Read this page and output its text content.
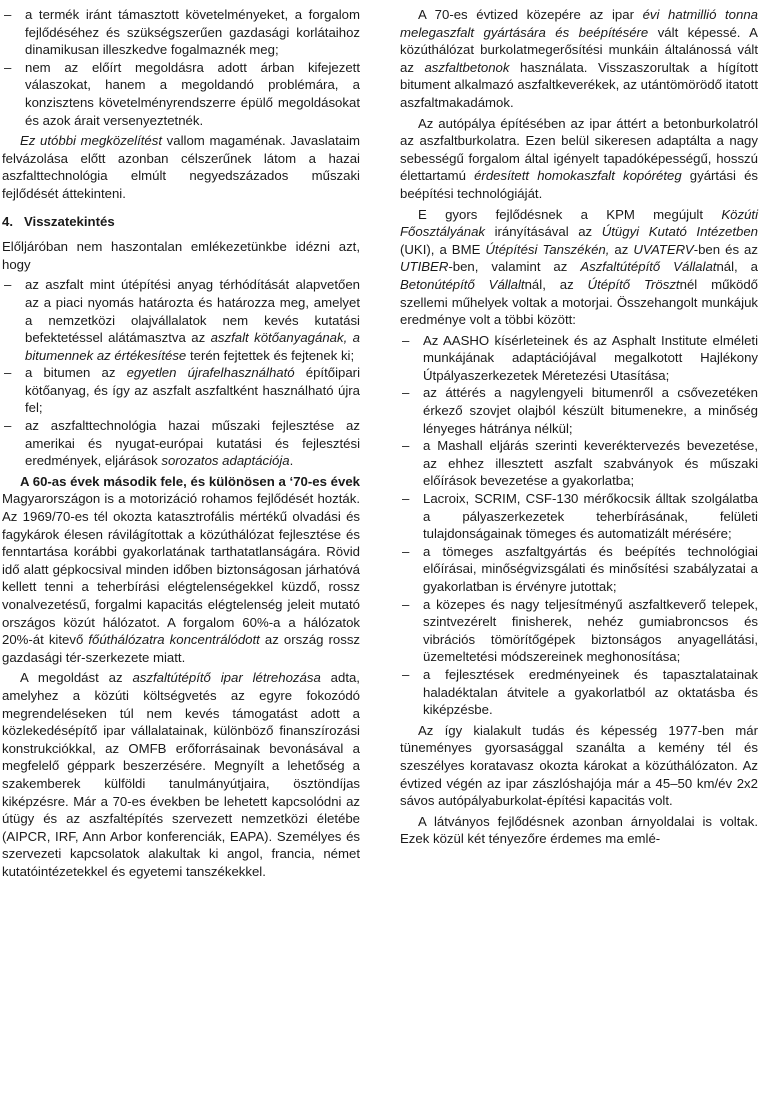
– a termék iránt támasztott követelményeket, a forgalom fejlődéséhez és szükségszerűen gazdasági korlátaihoz dinamikusan illeszkedve fogalmaznék meg;
– nem az előírt megoldásra adott árban kifejezett válaszokat, hanem a megoldandó problémára, a konzisztens követelményrendszerre épülő megoldásokat és azok árait versenyeztetnék.

Ez utóbbi megközelítést vallom magaménak. Javaslataim felvázolása előtt azonban célszerűnek látom a hazai aszfalttechnológia elmúlt negyedszázados műszaki fejlődését áttekinteni.

4. Visszatekintés

Előljáróban nem haszontalan emlékezetünkbe idézni azt, hogy

– az aszfalt mint útépítési anyag térhódítását alapvetően az a piaci nyomás határozta és határozza meg, amelyet a nemzetközi olajvállalatok nem kevés kutatási befektetéssel alátámasztva az aszfalt kötőanyagának, a bitumennek az értékesítése terén fejtettek és fejtenek ki;
– a bitumen az egyetlen újrafelhasználható építőipari kötőanyag, és így az aszfalt aszfaltként használható újra fel;
– az aszfalttechnológia hazai műszaki fejlesztése az amerikai és nyugat-európai kutatási és fejlesztési eredmények, eljárások sorozatos adaptációja.

A 60-as évek második fele, és különösen a ‘70-es évek Magyarországon is a motorizáció rohamos fejlődését hozták. Az 1969/70-es tél okozta katasztrofális mértékű olvadási és fagykárok élesen rávilágítottak a közúthálózat fejlesztése és fenntartása korábbi gyakorlatának tarthatatlanságára. Rövid idő alatt gépkocsival minden időben biztonságosan járhatóvá kellett tenni a teherbírási elégtelenségekkel küzdő, rossz vonalvezetésű, forgalmi kapacitás elégtelenség jeleit mutató országos közút hálózatot. A forgalom 60%-a a hálózatok 20%-át kitevő főúthálózatra koncentrálódott az ország rossz gazdasági tér-szerkezete miatt.

A megoldást az aszfaltútépítő ipar létrehozása adta, amelyhez a közúti költségvetés az egyre fokozódó megrendeléseken túl nem kevés támogatást adott a közlekedésépítő ipar vállalatainak, különböző finanszírozási konstrukciókkal, az OMFB erőforrásainak bevonásával a megfelelő géppark beszerzésére. Megnyílt a lehetőség a szakemberek külföldi tanulmányútjaira, ösztöndíjas kiképzésre. Már a 70-es években be lehetett kapcsolódni az útügy és az aszfaltépítés szervezett nemzetközi életébe (AIPCR, IRF, Ann Arbor konferenciák, EAPA). Személyes és szervezeti kapcsolatok alakultak ki angol, francia, német kutatóintézetekkel és egyetemi tanszékekkel.

A 70-es évtized közepére az ipar évi hatmillió tonna melegaszfalt gyártására és beépítésére vált képessé. A közúthálózat burkolatmegerősítési munkáin általánossá vált az aszfaltbetonok használata. Visszaszorultak a hígított bitument alkalmazó aszfaltkeverékek, az utántömörödő itatott aszfaltmakadámok.

Az autópálya építésében az ipar áttért a betonburkolatról az aszfaltburkolatra. Ezen belül sikeresen adaptálta a nagy sebességű forgalom által igényelt tapadóképességű, hosszú élettartamú érdesített homokaszfalt kopóréteg gyártási és beépítési technológiáját.

E gyors fejlődésnek a KPM megújult Közúti Főosztályának irányításával az Útügyi Kutató Intézetben (UKI), a BME Útépítési Tanszékén, az UVATERV-ben és az UTIBER-ben, valamint az Aszfaltútépítő Vállalatnál, a Betonútépítő Vállaltnál, az Útépítő Trösztnél működő szellemi műhelyek voltak a motorjai. Összehangolt munkájuk eredménye volt a többi között:

– Az AASHO kísérleteinek és az Asphalt Institute elméleti munkájának adaptációjával megalkotott Hajlékony Útpályaszerkezetek Méretezési Utasítása;
– az áttérés a nagylengyeli bitumenről a csővezetéken érkező szovjet olajból készült bitumenekre, a minőség lényeges hátránya nélkül;
– a Mashall eljárás szerinti keveréktervezés bevezetése, az ehhez illesztett aszfalt szabványok és műszaki előírások bevezetése a gyakorlatba;
– Lacroix, SCRIM, CSF-130 mérőkocsik álltak szolgálatba a pályaszerkezetek teherbírásának, felületi tulajdonságainak tömeges és automatizált mérésére;
– a tömeges aszfaltgyártás és beépítés technológiai előírásai, minőségvizsgálati és minősítési szabályzatai a gyakorlatban is érvényre jutottak;
– a közepes és nagy teljesítményű aszfaltkeverő telepek, szintvezérelt finisherek, nehéz gumiabroncsos és vibrációs tömörítőgépek biztonságos anyagellátási, üzemeltetési módszereinek meghonosítása;
– a fejlesztések eredményeinek és tapasztalatainak haladéktalan átvitele a gyakorlatból az oktatásba és kiképzésbe.

Az így kialakult tudás és képesség 1977-ben már tüneményes gyorsasággal szanálta a kemény tél és szeszélyes koratavasz okozta károkat a közúthálózaton. Az évtized végén az ipar zászlóshajója már a 45–50 km/év 2x2 sávos autópályaburkolat-építési kapacitás volt.

A látványos fejlődésnek azonban árnyoldalai is voltak. Ezek közül két tényezőre érdemes ma emlé-
